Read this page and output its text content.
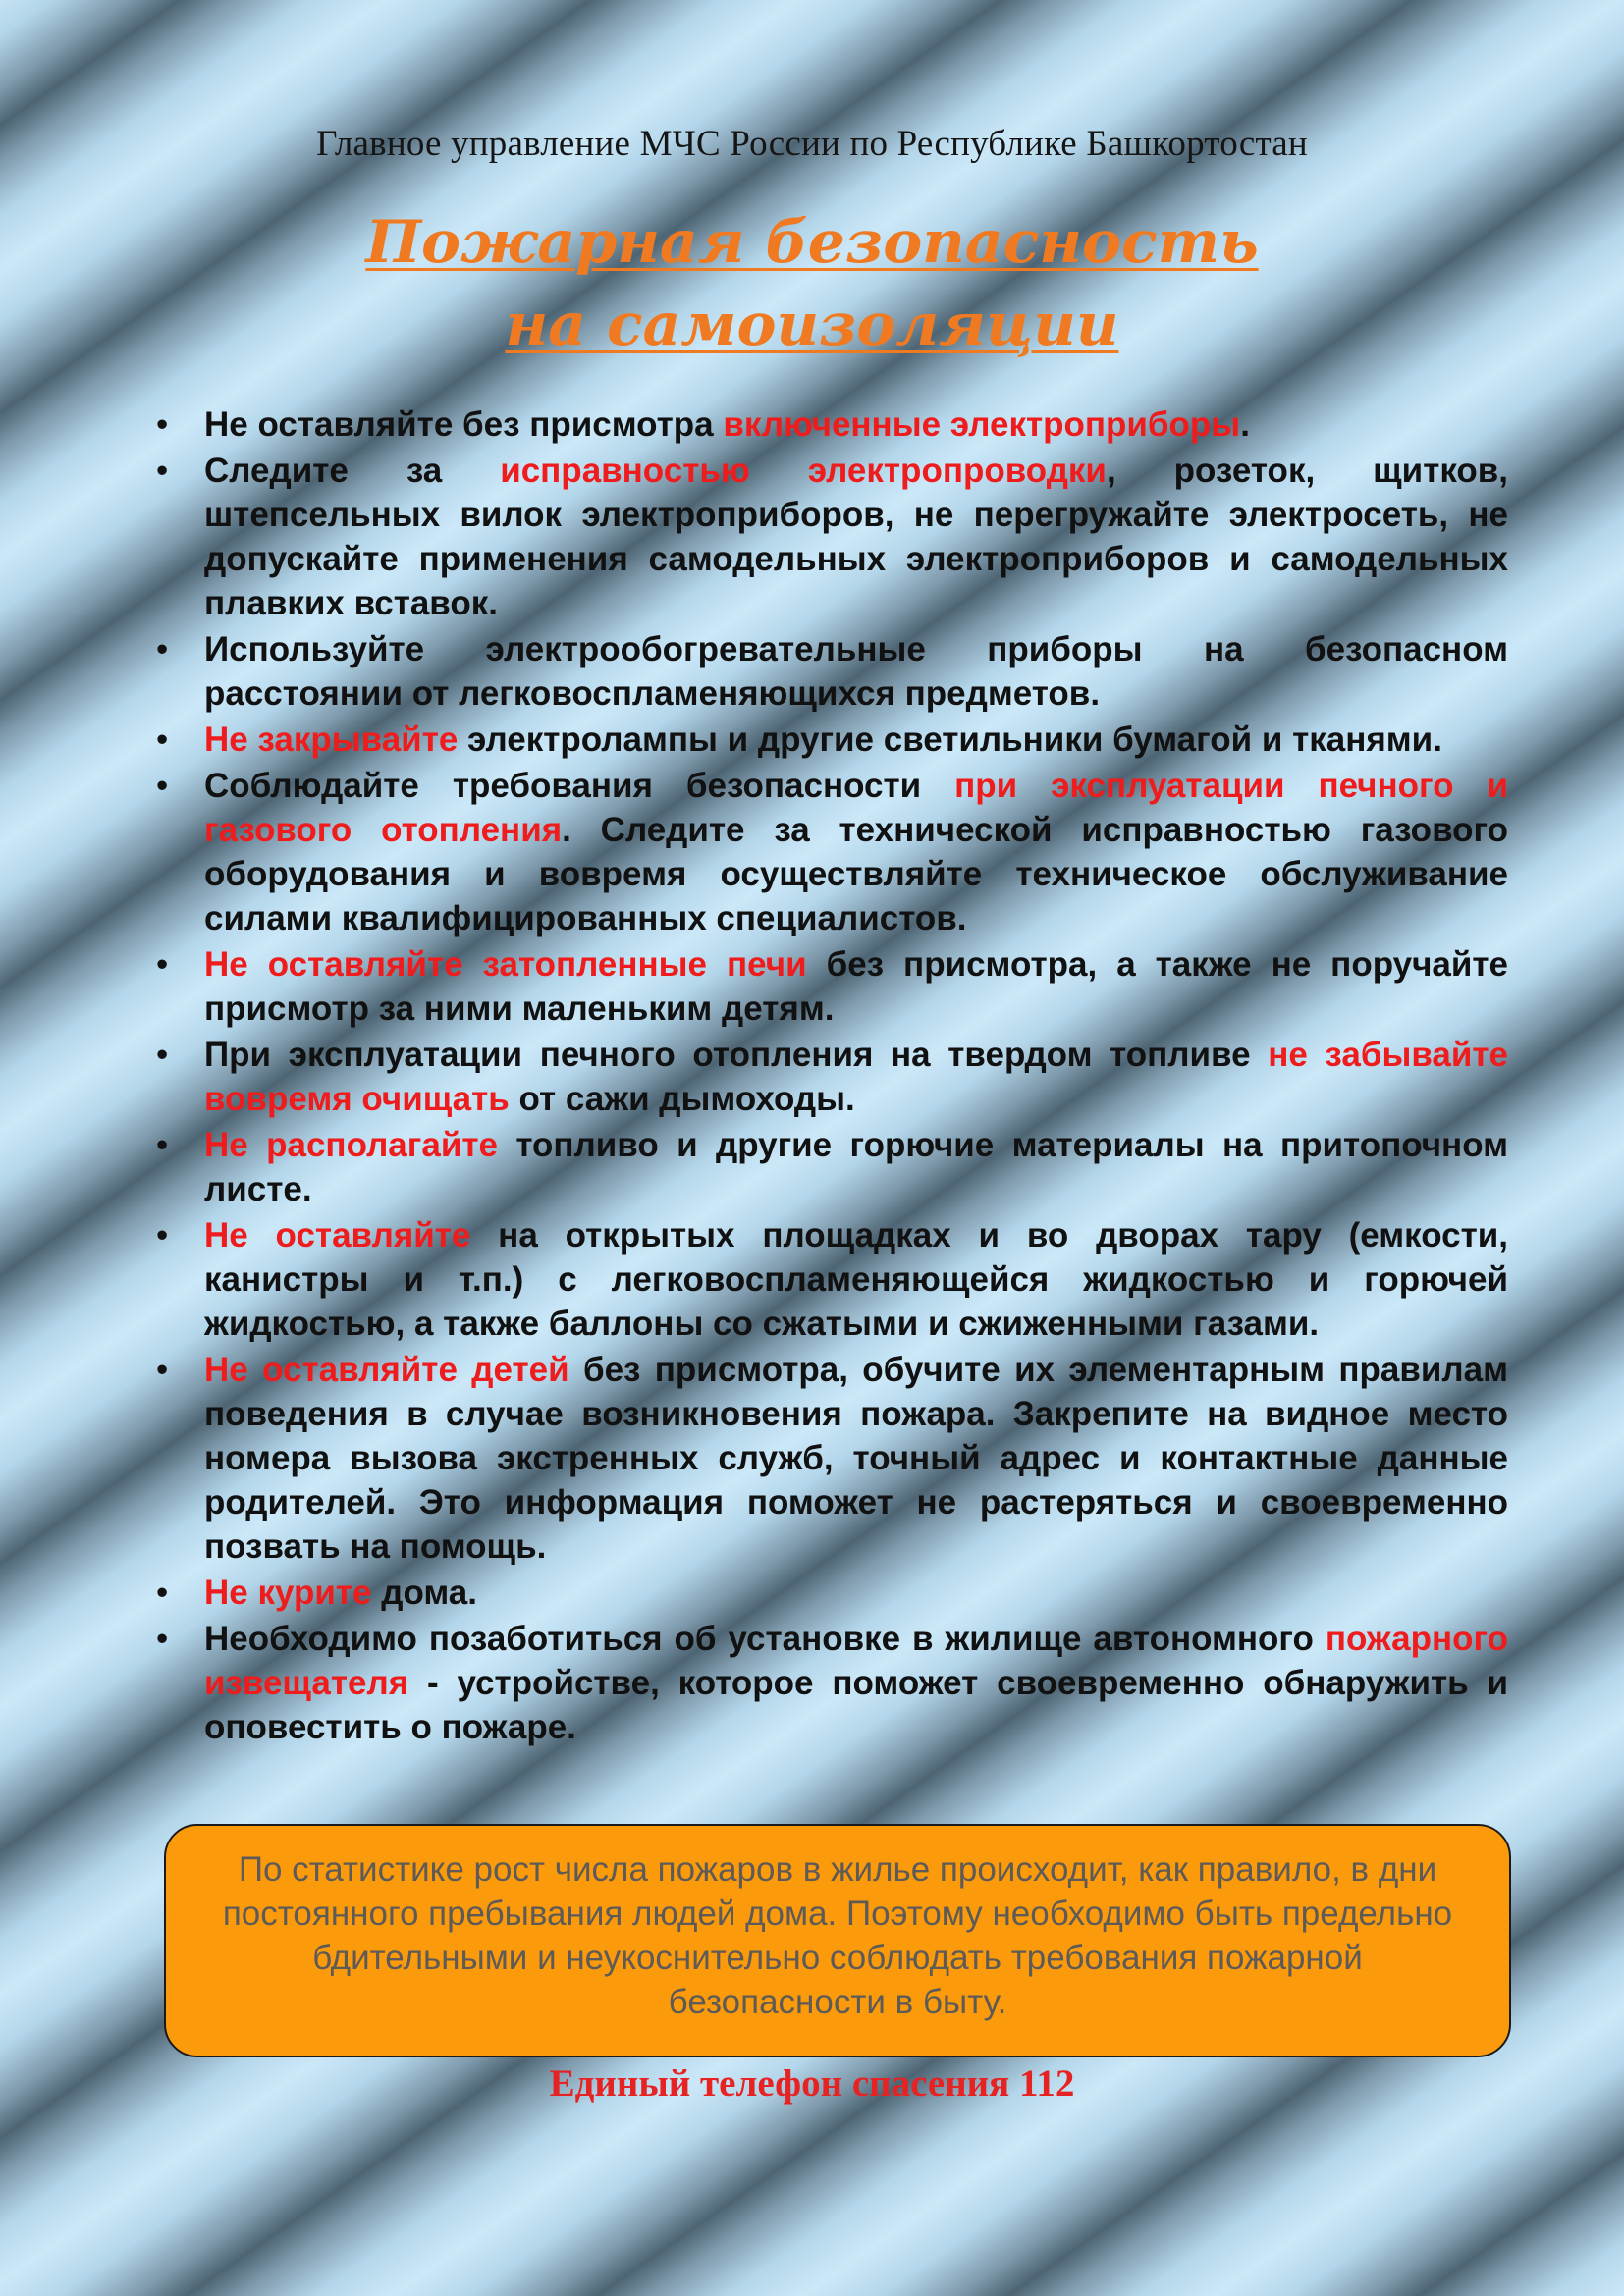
Главное управление МЧС России по Республике Башкортостан
Пожарная безопасность
на самоизоляции
• Не оставляйте без присмотра включенные электроприборы.
• Следите за исправностью электропроводки, розеток, щитков, штепсельных вилок электроприборов, не перегружайте электросеть, не допускайте применения самодельных электроприборов и самодельных плавких вставок.
• Используйте электрообогревательные приборы на безопасном расстоянии от легковоспламеняющихся предметов.
• Не закрывайте электролампы и другие светильники бумагой и тканями.
• Соблюдайте требования безопасности при эксплуатации печного и газового отопления. Следите за технической исправностью газового оборудования и вовремя осуществляйте техническое обслуживание силами квалифицированных специалистов.
• Не оставляйте затопленные печи без присмотра, а также не поручайте присмотр за ними маленьким детям.
• При эксплуатации печного отопления на твердом топливе не забывайте вовремя очищать от сажи дымоходы.
• Не располагайте топливо и другие горючие материалы на притопочном листе.
• Не оставляйте на открытых площадках и во дворах тару (емкости, канистры и т.п.) с легковоспламеняющейся жидкостью и горючей жидкостью, а также баллоны со сжатыми и сжиженными газами.
• Не оставляйте детей без присмотра, обучите их элементарным правилам поведения в случае возникновения пожара. Закрепите на видное место номера вызова экстренных служб, точный адрес и контактные данные родителей. Это информация поможет не растеряться и своевременно позвать на помощь.
• Не курите дома.
• Необходимо позаботиться об установке в жилище автономного пожарного извещателя - устройстве, которое поможет своевременно обнаружить и оповестить о пожаре.
По статистике рост числа пожаров в жилье происходит, как правило, в дни постоянного пребывания людей дома. Поэтому необходимо быть предельно бдительными и неукоснительно соблюдать требования пожарной безопасности в быту.
Единый телефон спасения 112
